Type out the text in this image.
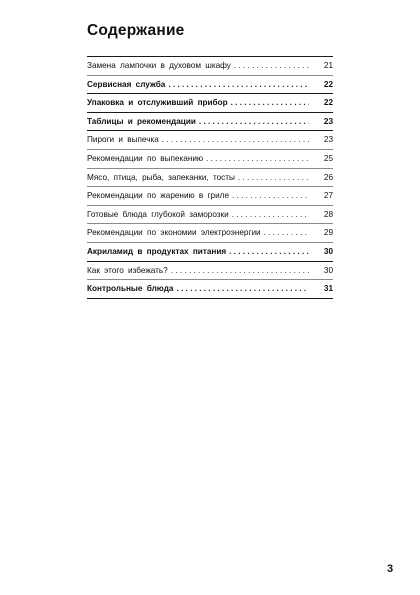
Содержание
Замена лампочки в духовом шкафу . . .	21
Сервисная служба . . .	22
Упаковка и отслуживший прибор . . .	22
Таблицы и рекомендации . . .	23
Пироги и выпечка . . .	23
Рекомендации по выпеканию . . .	25
Мясо, птица, рыба, запеканки, тосты . . .	26
Рекомендации по жарению в гриле . . .	27
Готовые блюда глубокой заморозки . . .	28
Рекомендации по экономии электроэнергии . . .	29
Акриламид в продуктах питания . . .	30
Как этого избежать? . . .	30
Контрольные блюда . . .	31

3
